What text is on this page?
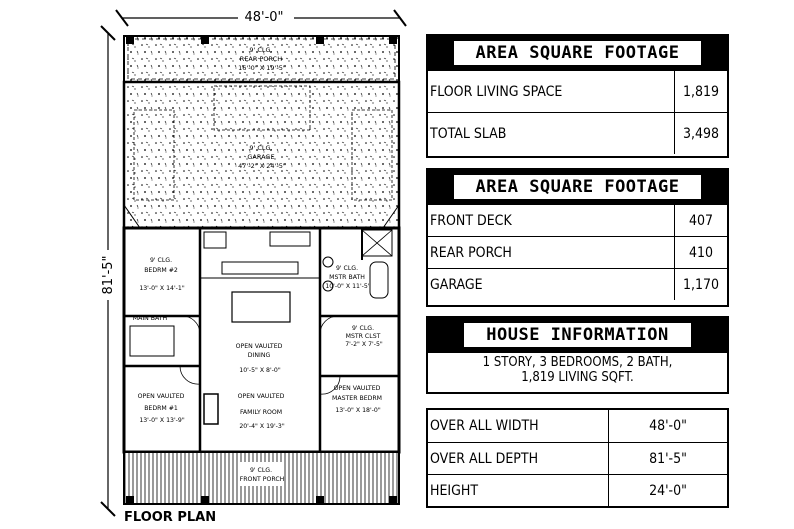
48'-0"
81'-5"
9' CLG. REAR PORCH 16'-0" X 19'-5"
9' CLG. GARAGE 47'-2" X 24'-5"
9' CLG. BEDRM #2 13'-0" X 14'-1"
MAIN BATH
9' CLG. MSTR BATH 10'-0" X 11'-5"
9' CLG. MSTR CLST 7'-2" X 7'-5"
OPEN VAULTED DINING 10'-5" X 8'-0"
OPEN VAULTED BEDRM #1 13'-0" X 13'-9"
OPEN VAULTED FAMILY ROOM 20'-4" X 19'-3"
OPEN VAULTED MASTER BEDRM 13'-0" X 18'-0"
9' CLG. FRONT PORCH
FLOOR PLAN
AREA SQUARE FOOTAGE
FLOOR LIVING SPACE	1,819
TOTAL SLAB	3,498
AREA SQUARE FOOTAGE
FRONT DECK	407
REAR PORCH	410
GARAGE	1,170
HOUSE INFORMATION
1 STORY, 3 BEDROOMS, 2 BATH,
1,819 LIVING SQFT.
OVER ALL WIDTH	48'-0"
OVER ALL DEPTH	81'-5"
HEIGHT	24'-0"
